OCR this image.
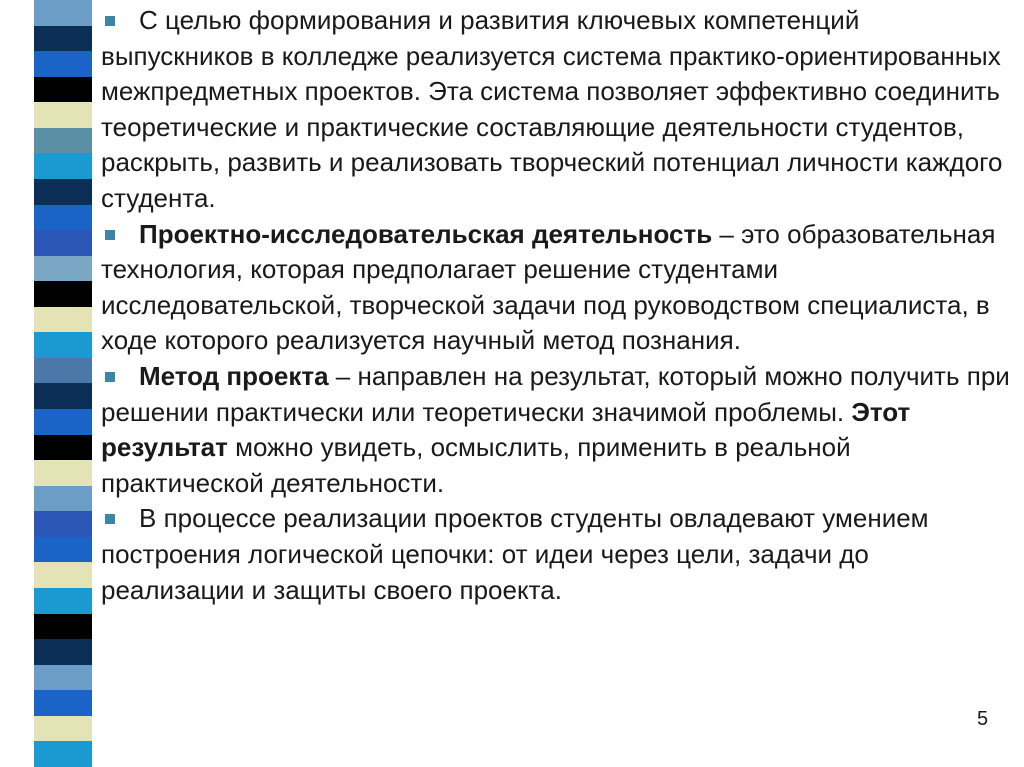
С целью формирования и развития ключевых компетенций выпускников в колледже реализуется система практико-ориентированных межпредметных проектов. Эта система позволяет эффективно соединить теоретические и практические составляющие деятельности студентов, раскрыть, развить и реализовать творческий потенциал личности каждого студента.
Проектно-исследовательская деятельность – это образовательная технология, которая предполагает решение студентами исследовательской, творческой задачи под руководством специалиста, в ходе которого реализуется научный метод познания.
Метод проекта – направлен на результат, который можно получить при решении практически или теоретически значимой проблемы. Этот результат можно увидеть, осмыслить, применить в реальной практической деятельности.
В процессе реализации проектов студенты овладевают умением построения логической цепочки: от идеи через цели, задачи до реализации и защиты своего проекта.
5
